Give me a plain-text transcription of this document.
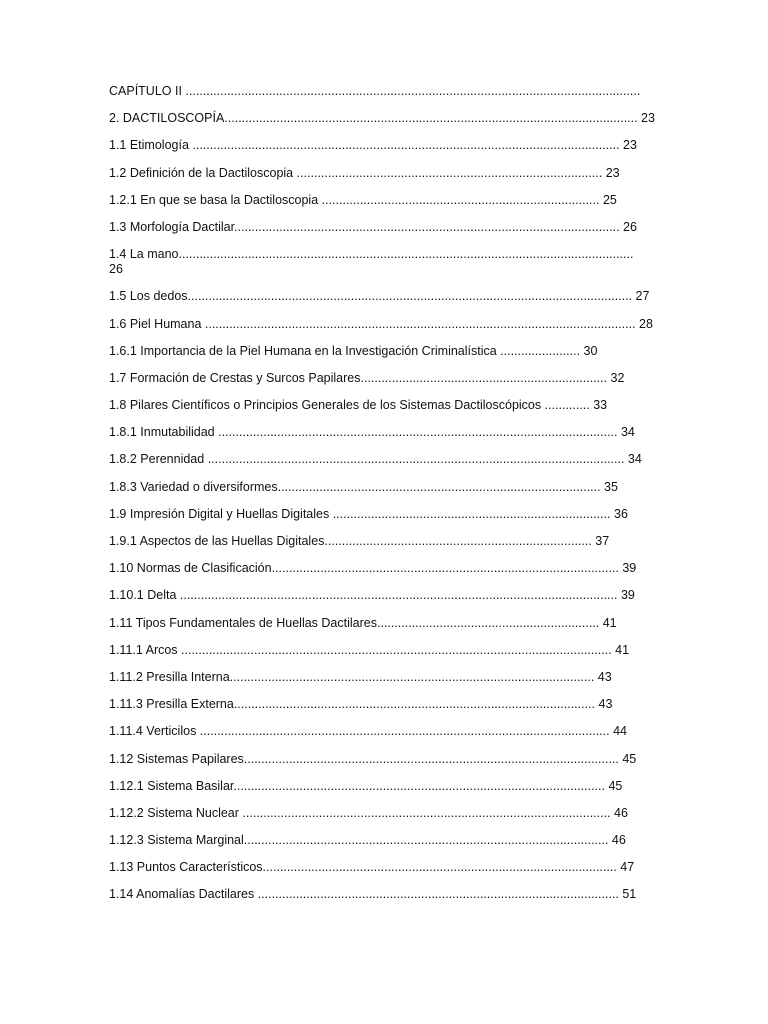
CAPÍTULO II ...................................................................................................................................
2. DACTILOSCOPÍA....................................................................................................................... 23
1.1 Etimología ........................................................................................................................... 23
1.2 Definición de la Dactiloscopia ........................................................................................ 23
1.2.1 En que se basa la Dactiloscopia ................................................................................ 25
1.3 Morfología Dactilar............................................................................................................... 26
1.4 La mano...................................................................................................................................
26
1.5 Los dedos................................................................................................................................ 27
1.6 Piel Humana ............................................................................................................................ 28
1.6.1 Importancia de la Piel Humana en la Investigación Criminalística ....................... 30
1.7 Formación de Crestas y Surcos Papilares....................................................................... 32
1.8 Pilares Científicos o Principios Generales de los Sistemas Dactiloscópicos ............. 33
1.8.1 Inmutabilidad ................................................................................................................... 34
1.8.2 Perennidad ........................................................................................................................ 34
1.8.3 Variedad o diversiformes............................................................................................. 35
1.9 Impresión Digital y Huellas Digitales ................................................................................ 36
1.9.1 Aspectos de las Huellas Digitales............................................................................. 37
1.10 Normas de Clasificación.................................................................................................... 39
1.10.1 Delta .............................................................................................................................. 39
1.11 Tipos Fundamentales de Huellas Dactilares................................................................ 41
1.11.1 Arcos ............................................................................................................................ 41
1.11.2 Presilla Interna......................................................................................................... 43
1.11.3 Presilla Externa........................................................................................................ 43
1.11.4 Verticilos ...................................................................................................................... 44
1.12 Sistemas Papilares............................................................................................................ 45
1.12.1 Sistema Basilar........................................................................................................... 45
1.12.2 Sistema Nuclear .......................................................................................................... 46
1.12.3 Sistema Marginal......................................................................................................... 46
1.13 Puntos Característicos...................................................................................................... 47
1.14 Anomalías Dactilares ........................................................................................................ 51
